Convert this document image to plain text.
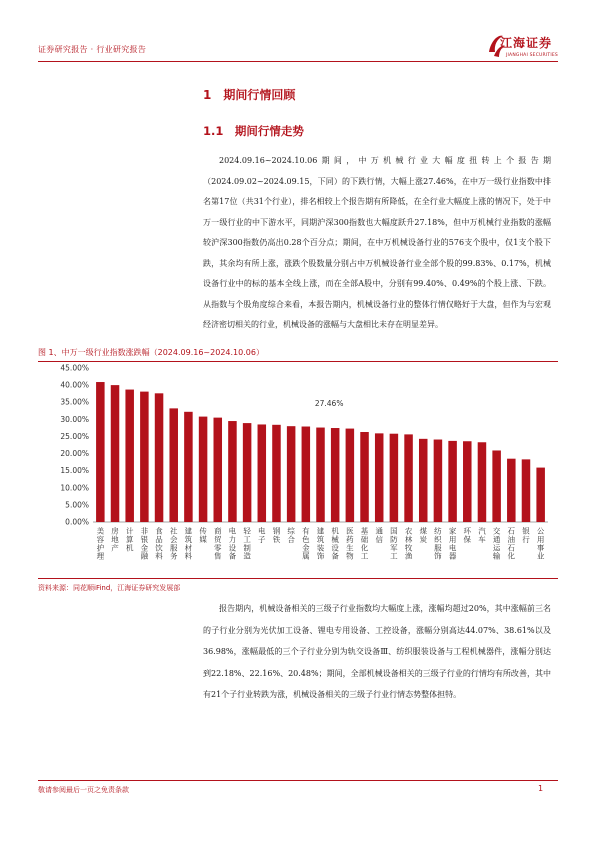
证券研究报告 · 行业研究报告	江海证券
JIANGHAI SECURITIES
1　期间行情回顾
1.1　期间行情走势
2024.09.16~2024.10.06期间，中万机械行业大幅度扭转上个报告期（2024.09.02~2024.09.15，下同）的下跌行情，大幅上涨27.46%，在中万一级行业指数中排名第17位（共31个行业），排名相较上个报告期有所降低，在全行业大幅度上涨的情况下，处于中万一级行业的中下游水平，同期沪深300指数也大幅度跃升27.18%，但中万机械行业指数的涨幅较沪深300指数仍高出0.28个百分点；期间，在中万机械设备行业的576支个股中，仅1支个股下跌，其余均有所上涨，涨跌个股数量分别占中万机械设备行业全部个股的99.83%、0.17%，机械设备行业中的标的基本全线上涨，而在全部A股中，分别有99.40%、0.49%的个股上涨、下跌。从指数与个股角度综合来看，本报告期内，机械设备行业的整体行情仅略好于大盘，但作为与宏观经济密切相关的行业，机械设备的涨幅与大盘相比未存在明显差异。
图 1、中万一级行业指数涨跌幅（2024.09.16~2024.10.06）
0.00%
5.00%
10.00%
15.00%
20.00%
25.00%
30.00%
35.00%
40.00%
45.00%
美容护理
房地产
计算机
非银金融
食品饮料
社会服务
建筑材料
传媒
商贸零售
电力设备
轻工制造
电子
钢铁
综合
有色金属
建筑装饰
机械设备
医药生物
基础化工
通信
国防军工
农林牧渔
煤炭
纺织服饰
家用电器
环保
汽车
交通运输
石油石化
银行
公用事业
27.46%
资料来源：同花顺iFind，江海证券研究发展部
报告期内，机械设备相关的三级子行业指数均大幅度上涨，涨幅均超过20%，其中涨幅前三名的子行业分别为光伏加工设备、锂电专用设备、工控设备，涨幅分别高达44.07%、38.61%以及36.98%，涨幅最低的三个子行业分别为轨交设备Ⅲ、纺织服装设备与工程机械器件，涨幅分别达到22.18%、22.16%、20.48%；期间，全部机械设备相关的三级子行业的行情均有所改善，其中有21个子行业转跌为涨，机械设备相关的三级子行业行情态势整体担特。
敬请参阅最后一页之免责条款	1
